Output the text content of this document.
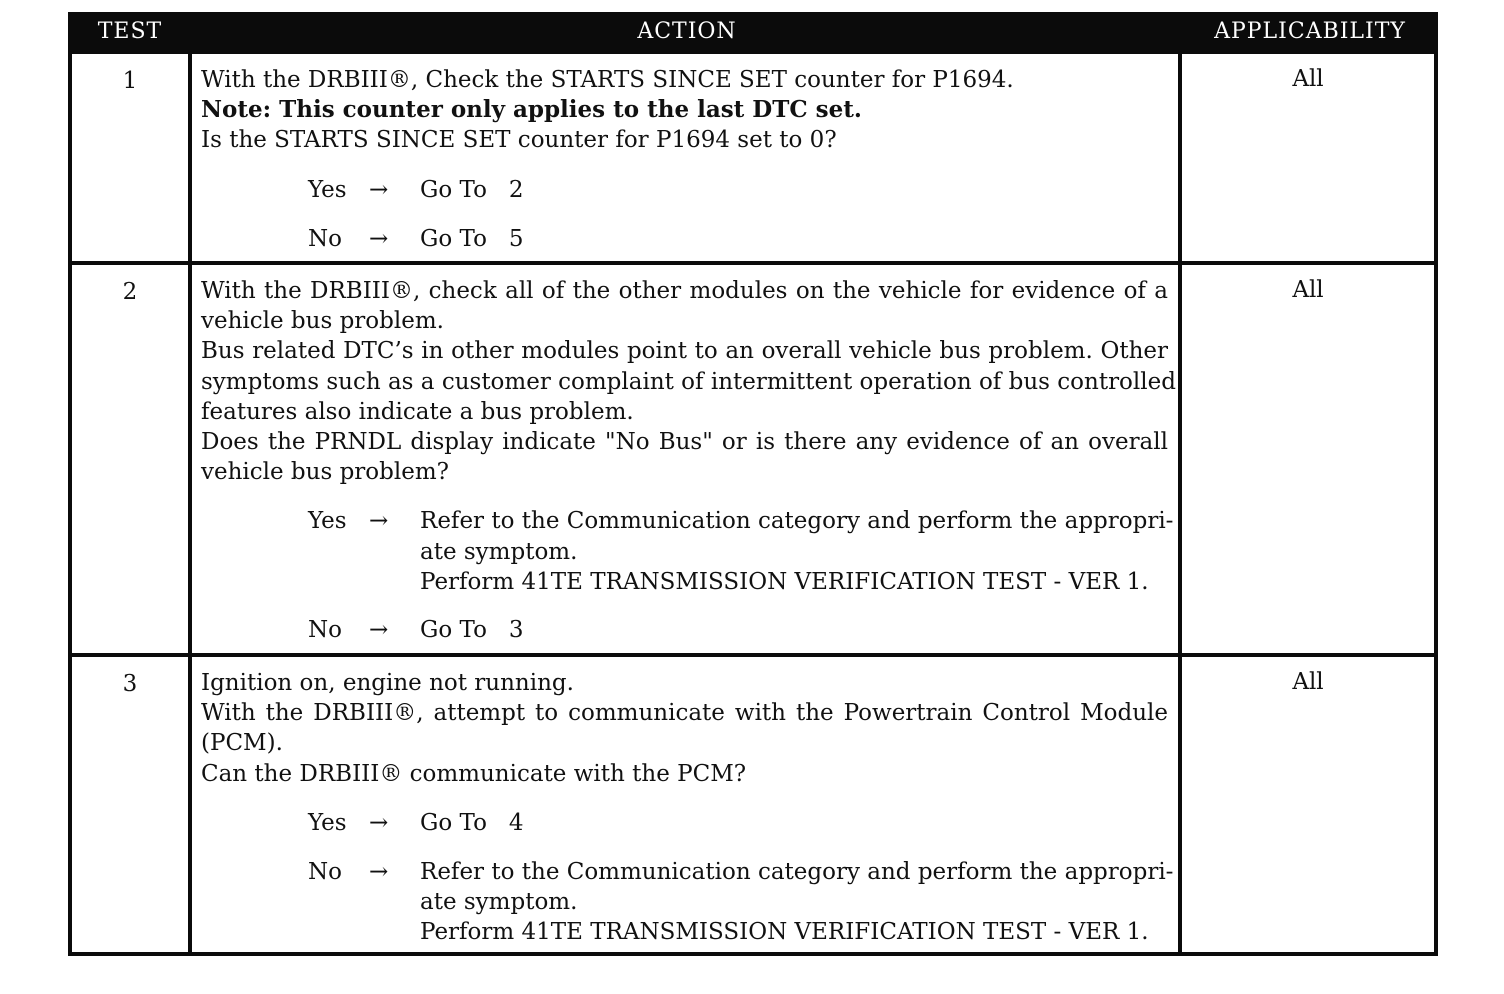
TEST	ACTION	APPLICABILITY
1	With the DRBIII®, Check the STARTS SINCE SET counter for P1694.
Note: This counter only applies to the last DTC set.
Is the STARTS SINCE SET counter for P1694 set to 0?
Yes → Go To   2
No → Go To   5
All
2	With the DRBIII®, check all of the other modules on the vehicle for evidence of a
vehicle bus problem.
Bus related DTC’s in other modules point to an overall vehicle bus problem. Other
symptoms such as a customer complaint of intermittent operation of bus controlled
features also indicate a bus problem.
Does the PRNDL display indicate "No Bus" or is there any evidence of an overall
vehicle bus problem?
Yes → Refer to the Communication category and perform the appropri-
ate symptom.
Perform 41TE TRANSMISSION VERIFICATION TEST - VER 1.
No → Go To   3
All
3	Ignition on, engine not running.
With the DRBIII®, attempt to communicate with the Powertrain Control Module
(PCM).
Can the DRBIII® communicate with the PCM?
Yes → Go To   4
No → Refer to the Communication category and perform the appropri-
ate symptom.
Perform 41TE TRANSMISSION VERIFICATION TEST - VER 1.
All
